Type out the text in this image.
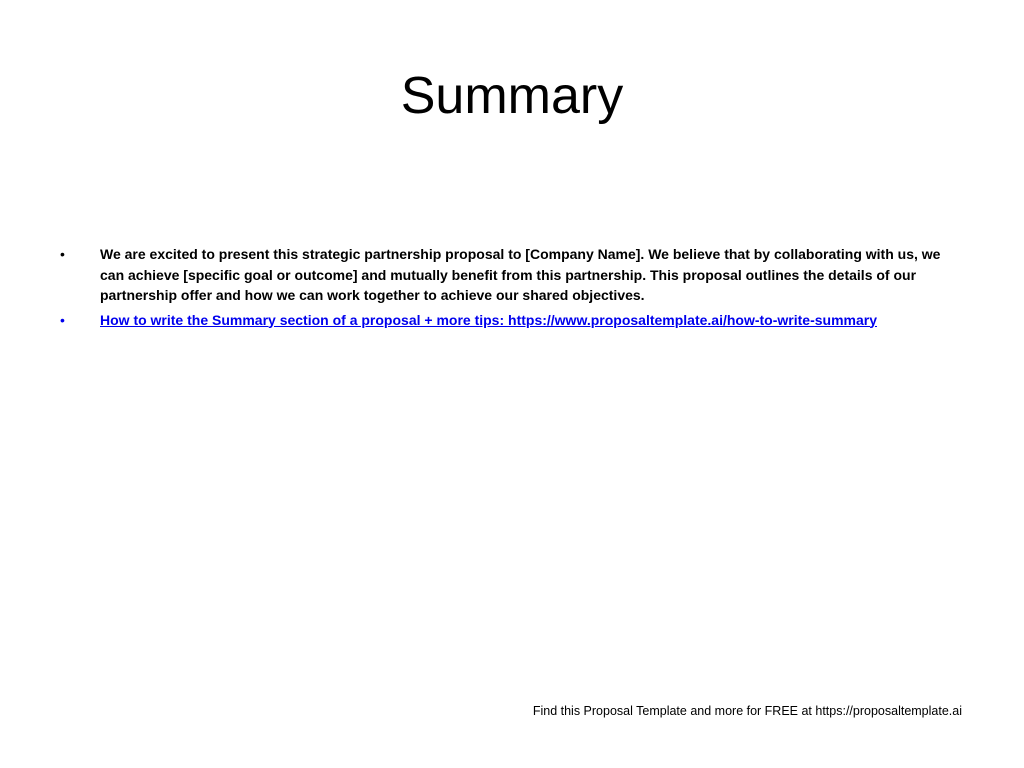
Summary
•	We are excited to present this strategic partnership proposal to [Company Name]. We believe that by collaborating with us, we can achieve [specific goal or outcome] and mutually benefit from this partnership. This proposal outlines the details of our partnership offer and how we can work together to achieve our shared objectives.
•	How to write the Summary section of a proposal + more tips: https://www.proposaltemplate.ai/how-to-write-summary
Find this Proposal Template and more for FREE at https://proposaltemplate.ai
